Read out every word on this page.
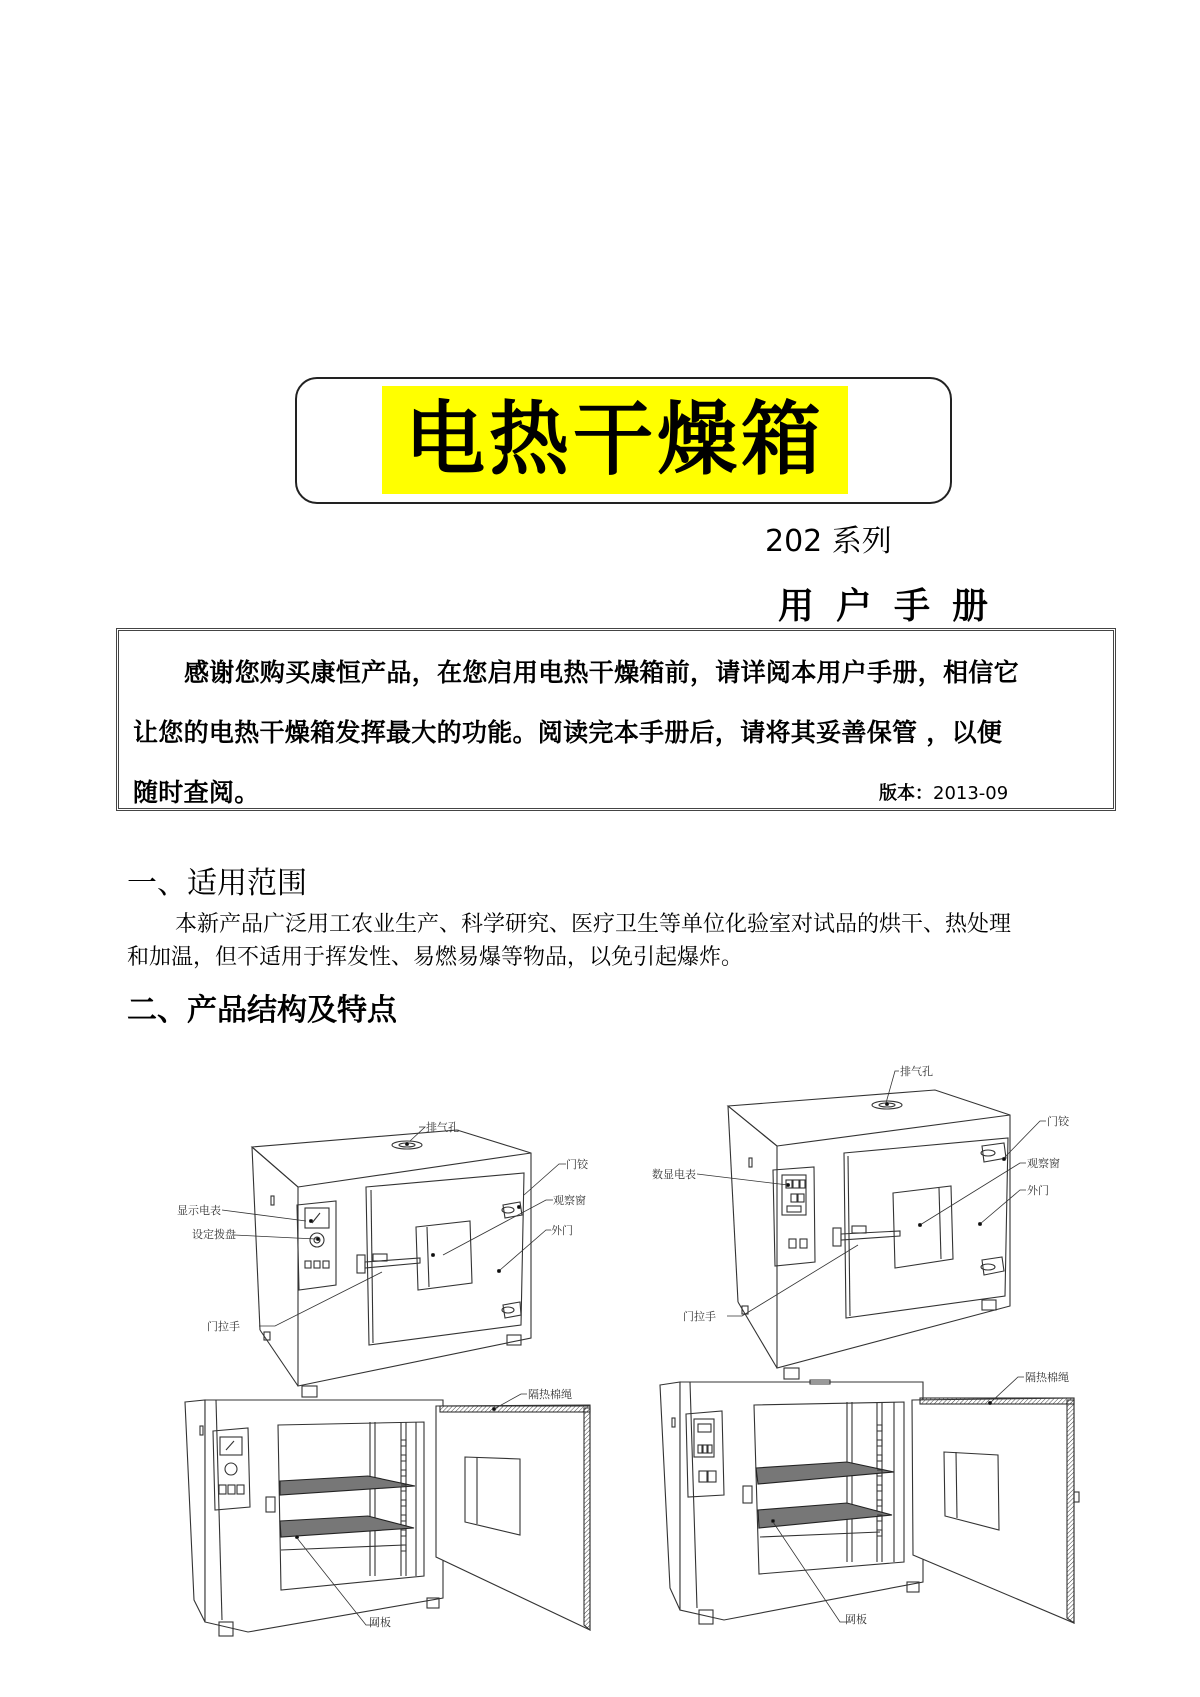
电热干燥箱
202 系列
用户手册
感谢您购买康恒产品，在您启用电热干燥箱前，请详阅本用户手册，相信它
让您的电热干燥箱发挥最大的功能。阅读完本手册后，请将其妥善保管 ，以便
随时查阅。	版本：2013-09
一、适用范围
本新产品广泛用工农业生产、科学研究、医疗卫生等单位化验室对试品的烘干、热处理
和加温，但不适用于挥发性、易燃易爆等物品，以免引起爆炸。
二、产品结构及特点
排气孔
显示电表
设定拨盘
门拉手
门铰
观察窗
外门
排气孔
数显电表
门拉手
门铰
观察窗
外门
隔热棉绳
网板
隔热棉绳
网板
